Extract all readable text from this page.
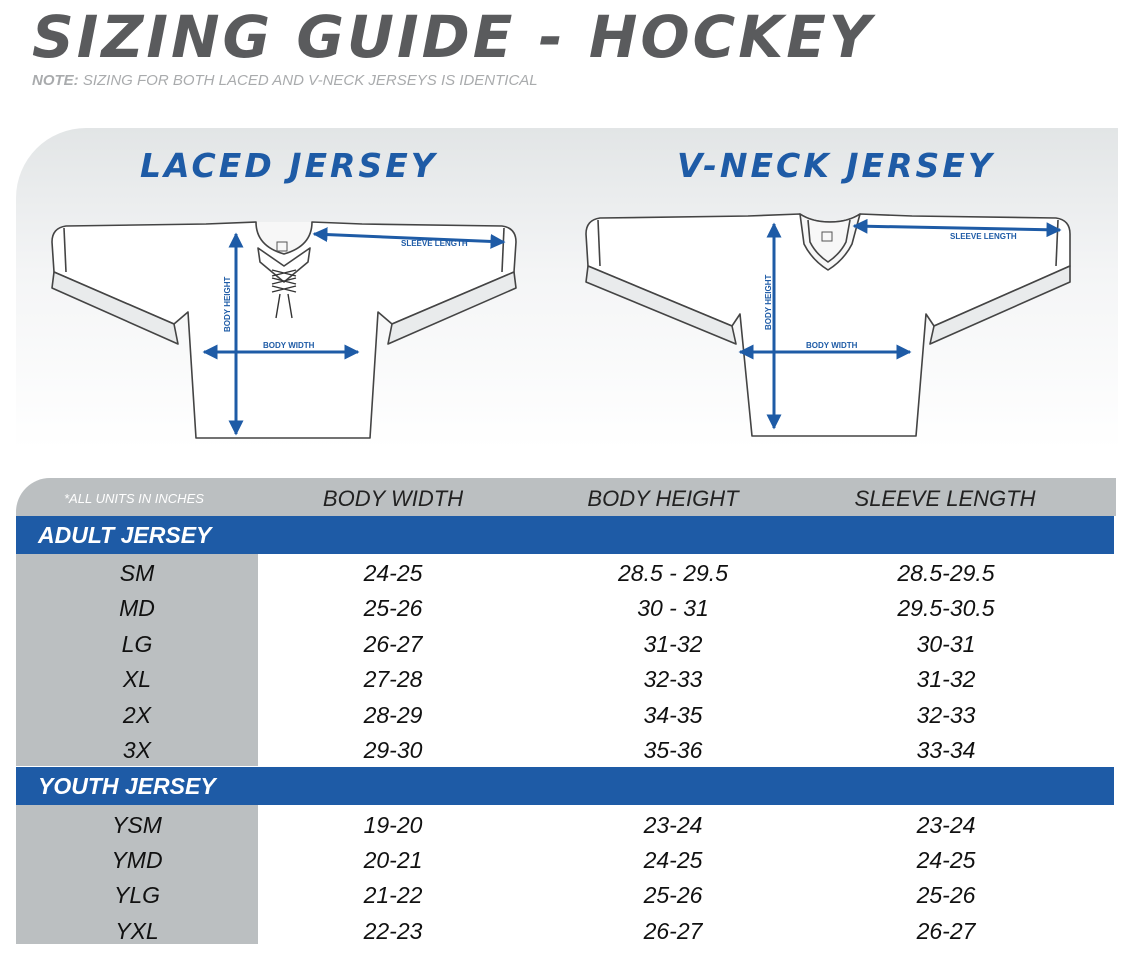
SIZING GUIDE - HOCKEY
NOTE: SIZING FOR BOTH LACED AND V-NECK JERSEYS IS IDENTICAL
LACED JERSEY	V-NECK JERSEY
SLEEVE LENGTH
BODY WIDTH
BODY HEIGHT
SLEEVE LENGTH
BODY WIDTH
BODY HEIGHT
*ALL UNITS IN INCHES	BODY WIDTH	BODY HEIGHT	SLEEVE LENGTH
ADULT JERSEY
SM	24-25	28.5 - 29.5	28.5-29.5
MD	25-26	30 - 31	29.5-30.5
LG	26-27	31-32	30-31
XL	27-28	32-33	31-32
2X	28-29	34-35	32-33
3X	29-30	35-36	33-34
YOUTH JERSEY
YSM	19-20	23-24	23-24
YMD	20-21	24-25	24-25
YLG	21-22	25-26	25-26
YXL	22-23	26-27	26-27
